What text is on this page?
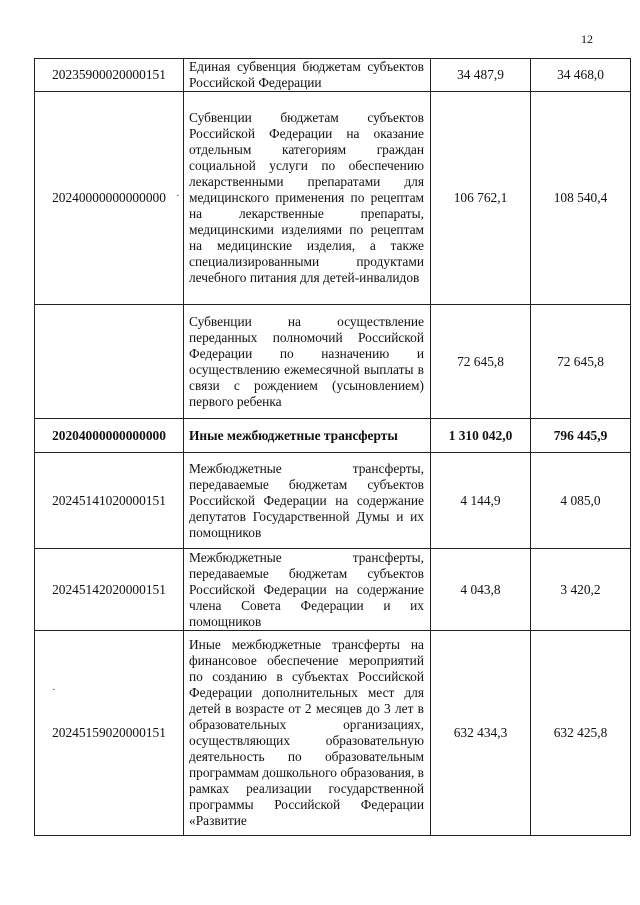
12
20235900020000151	Единая субвенция бюджетам субъектов Российской Федерации	34 487,9	34 468,0
20240000000000000	Субвенции бюджетам субъектов Российской Федерации на оказание отдельным категориям граждан социальной услуги по обеспечению лекарственными препаратами для медицинского применения по рецептам на лекарственные препараты, медицинскими изделиями по рецептам на медицинские изделия, а также специализированными продуктами лечебного питания для детей-инвалидов	106 762,1	108 540,4
	Субвенции на осуществление переданных полномочий Российской Федерации по назначению и осуществлению ежемесячной выплаты в связи с рождением (усыновлением) первого ребенка	72 645,8	72 645,8
20204000000000000	Иные межбюджетные трансферты	1 310 042,0	796 445,9
20245141020000151	Межбюджетные трансферты, передаваемые бюджетам субъектов Российской Федерации на содержание депутатов Государственной Думы и их помощников	4 144,9	4 085,0
20245142020000151	Межбюджетные трансферты, передаваемые бюджетам субъектов Российской Федерации на содержание члена Совета Федерации и их помощников	4 043,8	3 420,2
20245159020000151	Иные межбюджетные трансферты на финансовое обеспечение мероприятий по созданию в субъектах Российской Федерации дополнительных мест для детей в возрасте от 2 месяцев до 3 лет в образовательных организациях, осуществляющих образовательную деятельность по образовательным программам дошкольного образования, в рамках реализации государственной программы Российской Федерации «Развитие	632 434,3	632 425,8
·
·
